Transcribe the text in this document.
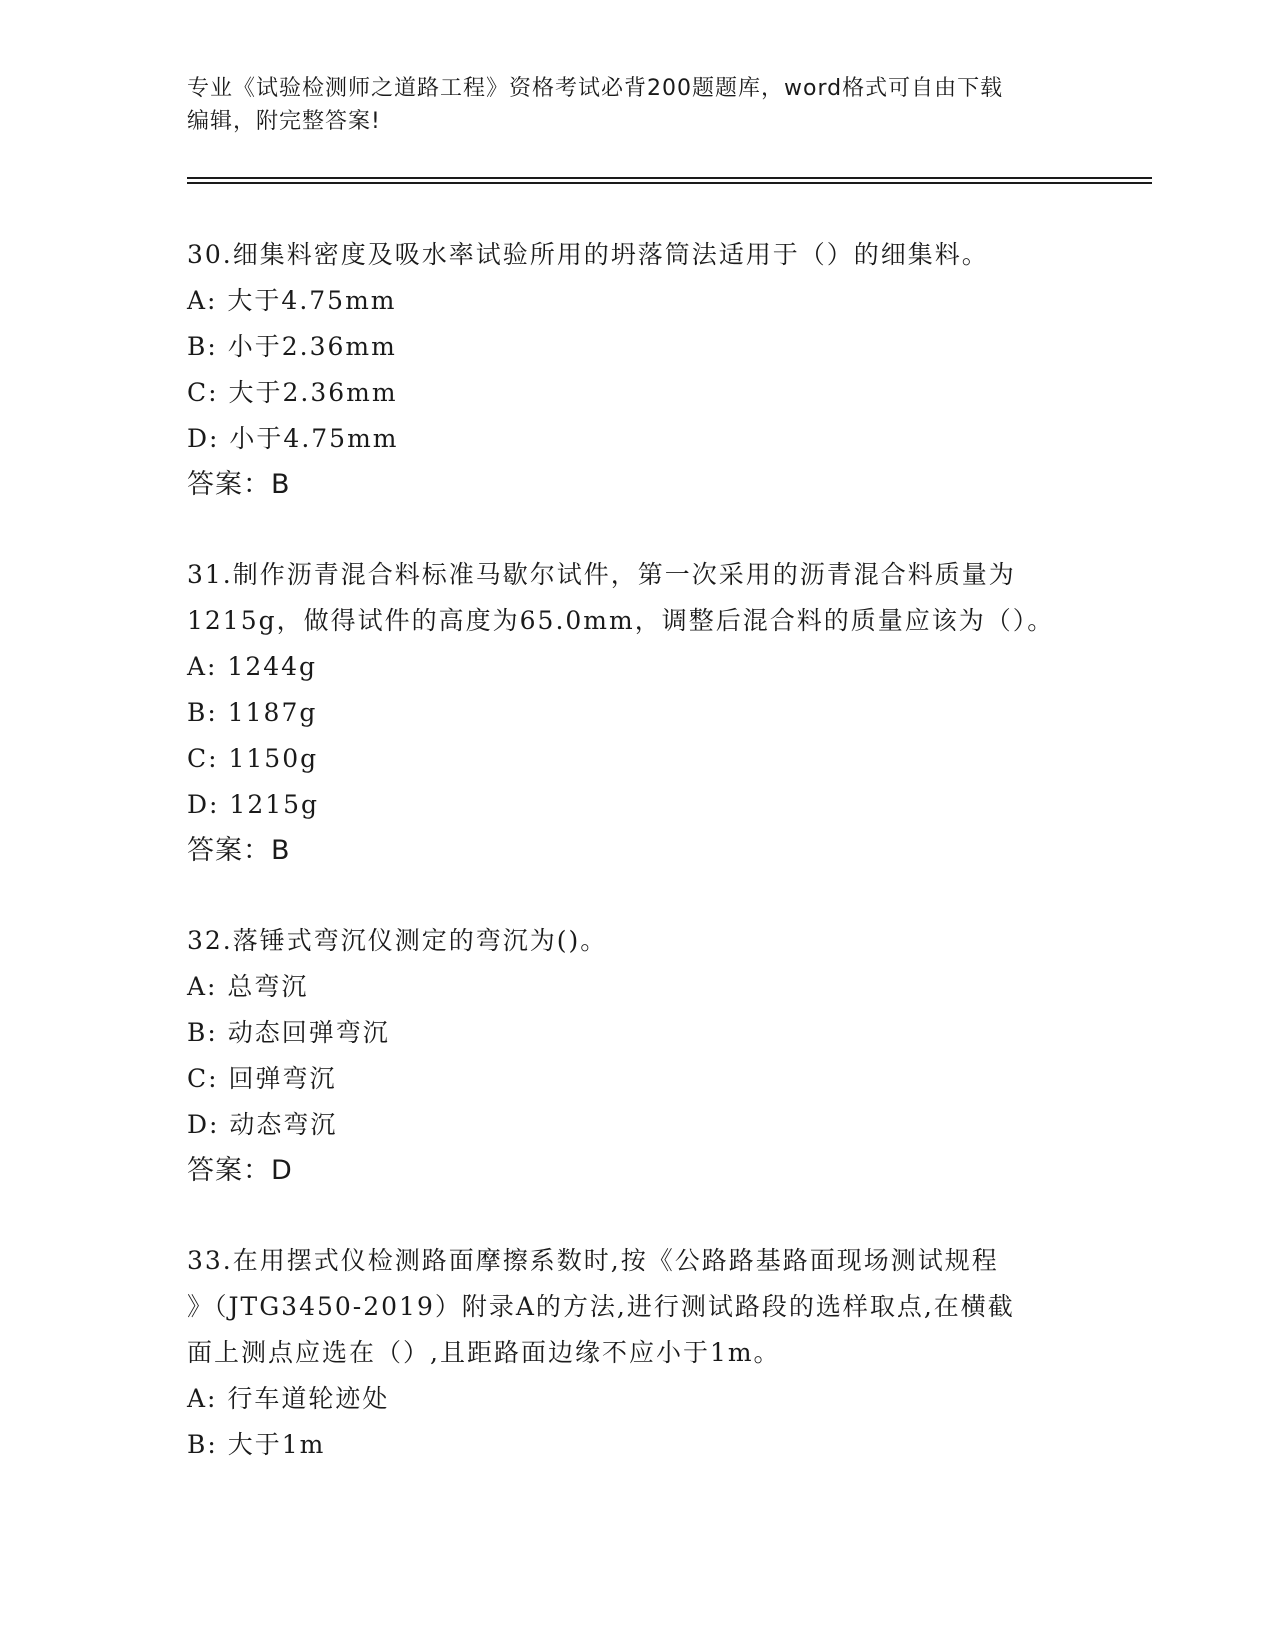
专业《试验检测师之道路工程》资格考试必背200题题库，word格式可自由下载
编辑，附完整答案!

30.细集料密度及吸水率试验所用的坍落筒法适用于（）的细集料。

A: 大于4.75mm

B: 小于2.36mm

C: 大于2.36mm

D: 小于4.75mm

答案：B

31.制作沥青混合料标准马歇尔试件，第一次采用的沥青混合料质量为

1215g，做得试件的高度为65.0mm，调整后混合料的质量应该为（）。

A: 1244g

B: 1187g

C: 1150g

D: 1215g

答案：B

32.落锤式弯沉仪测定的弯沉为()。

A: 总弯沉

B: 动态回弹弯沉

C: 回弹弯沉

D: 动态弯沉

答案：D

33.在用摆式仪检测路面摩擦系数时,按《公路路基路面现场测试规程

》（JTG3450-2019）附录A的方法,进行测试路段的选样取点,在横截

面上测点应选在（）,且距路面边缘不应小于1m。

A: 行车道轮迹处

B: 大于1m
